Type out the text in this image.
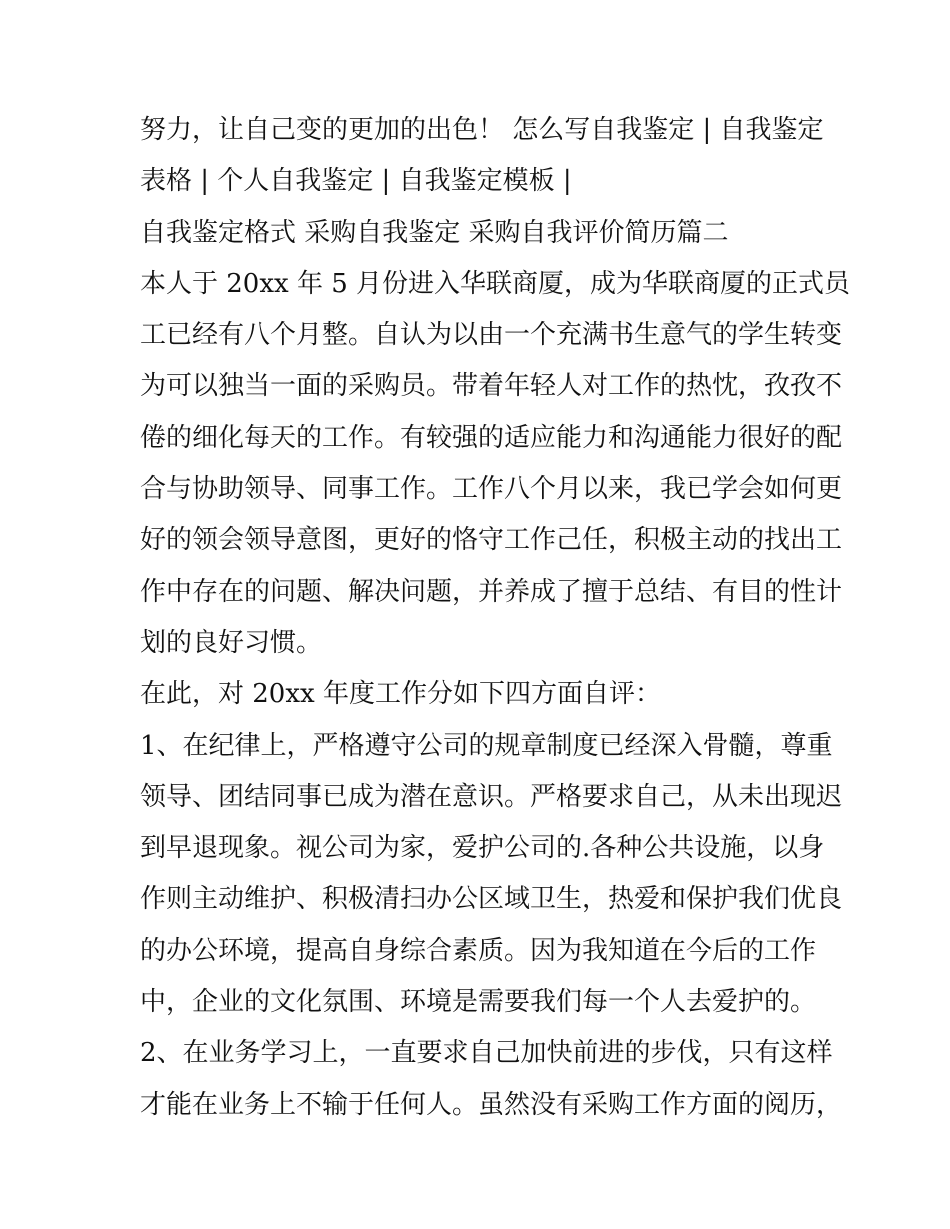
努力，让自己变的更加的出色！ 怎么写自我鉴定 | 自我鉴定

表格 | 个人自我鉴定 | 自我鉴定模板 |

自我鉴定格式 采购自我鉴定 采购自我评价简历篇二

本人于 20xx 年 5 月份进入华联商厦，成为华联商厦的正式员

工已经有八个月整。自认为以由一个充满书生意气的学生转变

为可以独当一面的采购员。带着年轻人对工作的热忱，孜孜不

倦的细化每天的工作。有较强的适应能力和沟通能力很好的配

合与协助领导、同事工作。工作八个月以来，我已学会如何更

好的领会领导意图，更好的恪守工作己任，积极主动的找出工

作中存在的问题、解决问题，并养成了擅于总结、有目的性计

划的良好习惯。

在此，对 20xx 年度工作分如下四方面自评：

1、在纪律上，严格遵守公司的规章制度已经深入骨髓，尊重

领导、团结同事已成为潜在意识。严格要求自己，从未出现迟

到早退现象。视公司为家，爱护公司的.各种公共设施，以身

作则主动维护、积极清扫办公区域卫生，热爱和保护我们优良

的办公环境，提高自身综合素质。因为我知道在今后的工作

中，企业的文化氛围、环境是需要我们每一个人去爱护的。

2、在业务学习上，一直要求自己加快前进的步伐，只有这样

才能在业务上不输于任何人。虽然没有采购工作方面的阅历，
